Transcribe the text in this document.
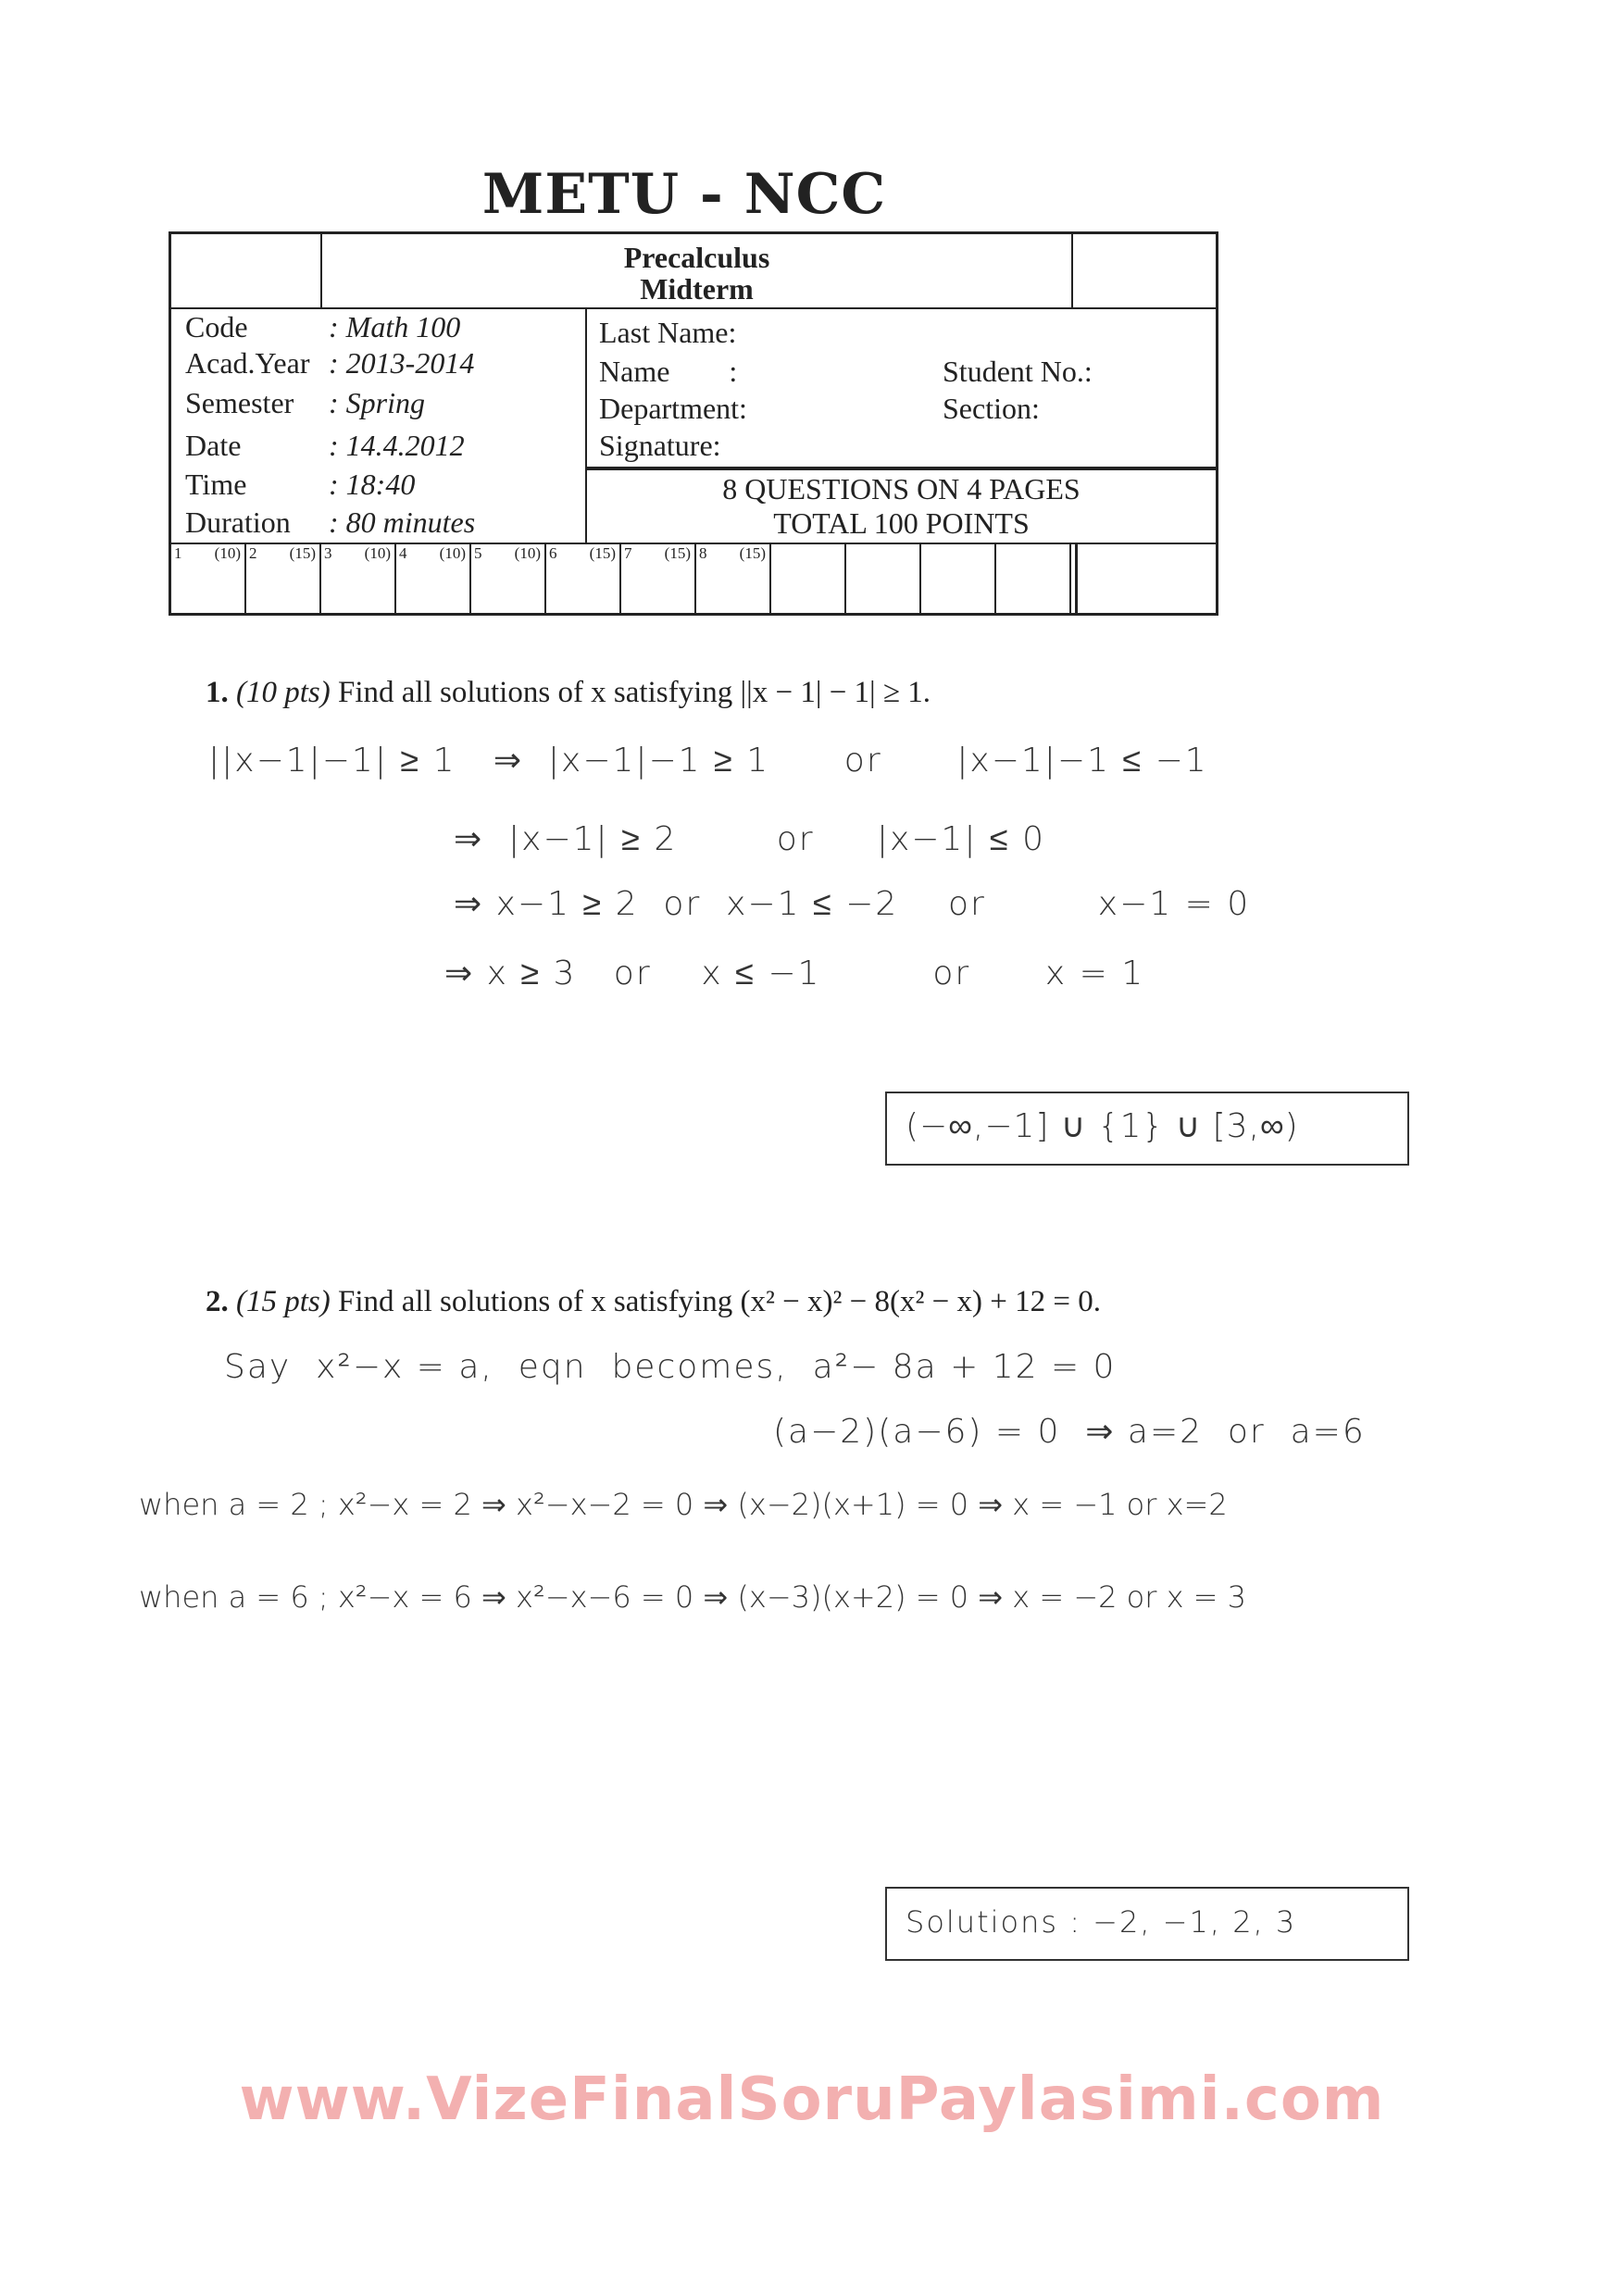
METU - NCC
Precalculus
Midterm
Code	: Math 100
Acad.Year : 2013-2014
Semester : Spring
Date	: 14.4.2012
Time	: 18:40
Duration : 80 minutes
Last Name:
Name        :	Student No.:
Department:	Section:
Signature:
8 QUESTIONS ON 4 PAGES
TOTAL 100 POINTS
1 (10) 2 (15) 3 (10) 4 (10) 5 (10) 6 (15) 7 (15) 8 (15)
1. (10 pts) Find all solutions of x satisfying ||x − 1| − 1| ≥ 1.
||x−1|−1| ≥ 1   ⇒  |x−1|−1 ≥ 1      or      |x−1|−1 ≤ −1
⇒  |x−1| ≥ 2        or     |x−1| ≤ 0
⇒ x−1 ≥ 2  or  x−1 ≤ −2    or         x−1 = 0
⇒ x ≥ 3   or    x ≤ −1         or      x = 1
(−∞,−1] ∪ {1} ∪ [3,∞)
2. (15 pts) Find all solutions of x satisfying (x² − x)² − 8(x² − x) + 12 = 0.
Say  x²−x = a,  eqn  becomes,  a²− 8a + 12 = 0
(a−2)(a−6) = 0  ⇒ a=2  or  a=6
when a = 2 ; x²−x = 2 ⇒ x²−x−2 = 0 ⇒ (x−2)(x+1) = 0 ⇒ x = −1 or x=2
when a = 6 ; x²−x = 6 ⇒ x²−x−6 = 0 ⇒ (x−3)(x+2) = 0 ⇒ x = −2 or x = 3
Solutions : −2, −1, 2, 3
www.VizeFinalSoruPaylasimi.com
